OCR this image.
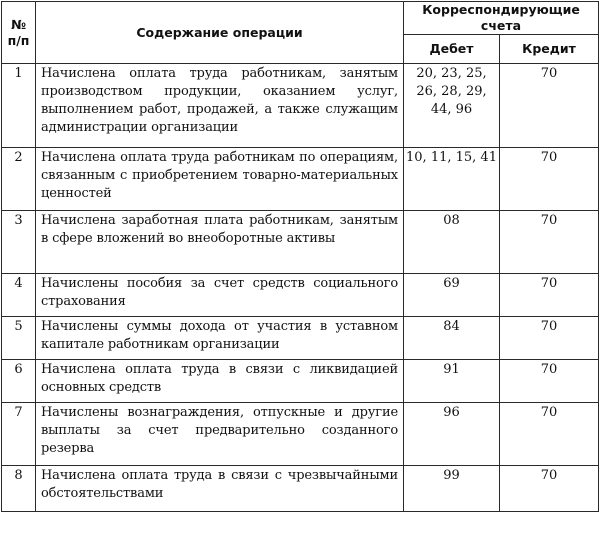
№
п/п	Содержание операции	Корреспондирующие счета	
		Дебет	Кредит
1	Начислена оплата труда работникам, занятым производством продукции, оказанием услуг, выполнением работ, продажей, а также служащим администрации организации	20, 23, 25, 26, 28, 29, 44, 96	70
2	Начислена оплата труда работникам по операциям, связанным с приобретением товарно-материальных ценностей	10, 11, 15, 41	70
3	Начислена заработная плата работникам, занятым в сфере вложений во внеоборотные активы	08	70
4	Начислены пособия за счет средств социального страхования	69	70
5	Начислены суммы дохода от участия в уставном капитале работникам организации	84	70
6	Начислена оплата труда в связи с ликвидацией основных средств	91	70
7	Начислены вознаграждения, отпускные и другие выплаты за счет предварительно созданного резерва	96	70
8	Начислена оплата труда в связи с чрезвычайными обстоятельствами	99	70
